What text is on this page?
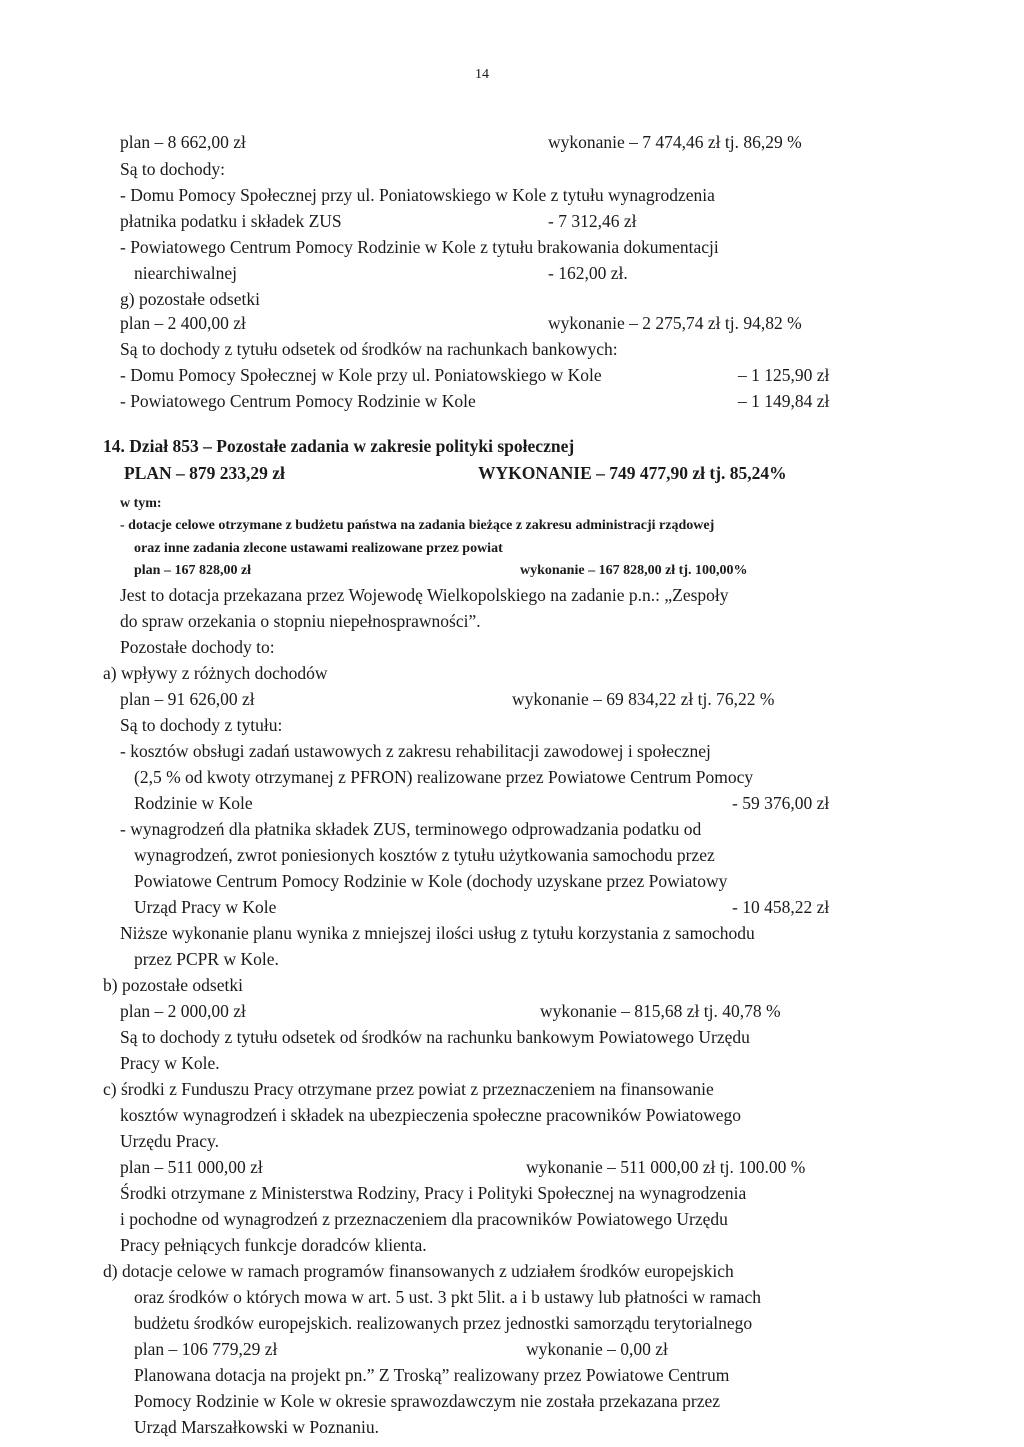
14
plan – 8 662,00 zł	wykonanie – 7 474,46 zł tj. 86,29 %
Są to dochody:
- Domu Pomocy Społecznej przy ul. Poniatowskiego w Kole z tytułu wynagrodzenia
płatnika podatku i składek ZUS	- 7 312,46 zł
- Powiatowego Centrum Pomocy Rodzinie w Kole z tytułu brakowania dokumentacji
niearchiwalnej	- 162,00 zł.
g) pozostałe odsetki
plan – 2 400,00 zł	wykonanie – 2 275,74 zł tj. 94,82 %
Są to dochody z tytułu odsetek od środków na rachunkach bankowych:
- Domu Pomocy Społecznej w Kole przy ul. Poniatowskiego w Kole	– 1 125,90 zł
- Powiatowego Centrum Pomocy Rodzinie w Kole	– 1 149,84 zł
14. Dział 853 – Pozostałe zadania w zakresie polityki społecznej
PLAN – 879 233,29 zł	WYKONANIE – 749 477,90 zł tj. 85,24%
w tym:
- dotacje celowe otrzymane z budżetu państwa na zadania bieżące z zakresu administracji rządowej
oraz inne zadania zlecone ustawami realizowane przez powiat
plan – 167 828,00 zł	wykonanie – 167 828,00 zł tj. 100,00%
Jest to dotacja przekazana przez Wojewodę Wielkopolskiego na zadanie p.n.: „Zespoły
do spraw orzekania o stopniu niepełnosprawności”.
Pozostałe dochody to:
a) wpływy z różnych dochodów
plan – 91 626,00 zł	wykonanie – 69 834,22 zł tj. 76,22 %
Są to dochody z tytułu:
- kosztów obsługi zadań ustawowych z zakresu rehabilitacji zawodowej i społecznej
(2,5 % od kwoty otrzymanej z PFRON) realizowane przez Powiatowe Centrum Pomocy
Rodzinie w Kole	- 59 376,00 zł
- wynagrodzeń dla płatnika składek ZUS, terminowego odprowadzania podatku od
wynagrodzeń, zwrot poniesionych kosztów z tytułu użytkowania samochodu przez
Powiatowe Centrum Pomocy Rodzinie w Kole (dochody uzyskane przez Powiatowy
Urząd Pracy w Kole	- 10 458,22 zł
Niższe wykonanie planu wynika z mniejszej ilości usług z tytułu korzystania z samochodu
przez PCPR w Kole.
b) pozostałe odsetki
plan – 2 000,00 zł	wykonanie – 815,68 zł tj. 40,78 %
Są to dochody z tytułu odsetek od środków na rachunku bankowym Powiatowego Urzędu
Pracy w Kole.
c) środki z Funduszu Pracy otrzymane przez powiat z przeznaczeniem na finansowanie
kosztów wynagrodzeń i składek na ubezpieczenia społeczne pracowników Powiatowego
Urzędu Pracy.
plan – 511 000,00 zł	wykonanie – 511 000,00 zł tj. 100.00 %
Środki otrzymane z Ministerstwa Rodziny, Pracy i Polityki Społecznej na wynagrodzenia
i pochodne od wynagrodzeń z przeznaczeniem dla pracowników Powiatowego Urzędu
Pracy pełniących funkcje doradców klienta.
d) dotacje celowe w ramach programów finansowanych z udziałem środków europejskich
oraz środków o których mowa w art. 5 ust. 3 pkt 5lit. a i b ustawy lub płatności w ramach
budżetu środków europejskich. realizowanych przez jednostki samorządu terytorialnego
plan – 106 779,29 zł	wykonanie – 0,00 zł
Planowana dotacja na projekt pn.” Z Troską” realizowany przez Powiatowe Centrum
Pomocy Rodzinie w Kole w okresie sprawozdawczym nie została przekazana przez
Urząd Marszałkowski w Poznaniu.
